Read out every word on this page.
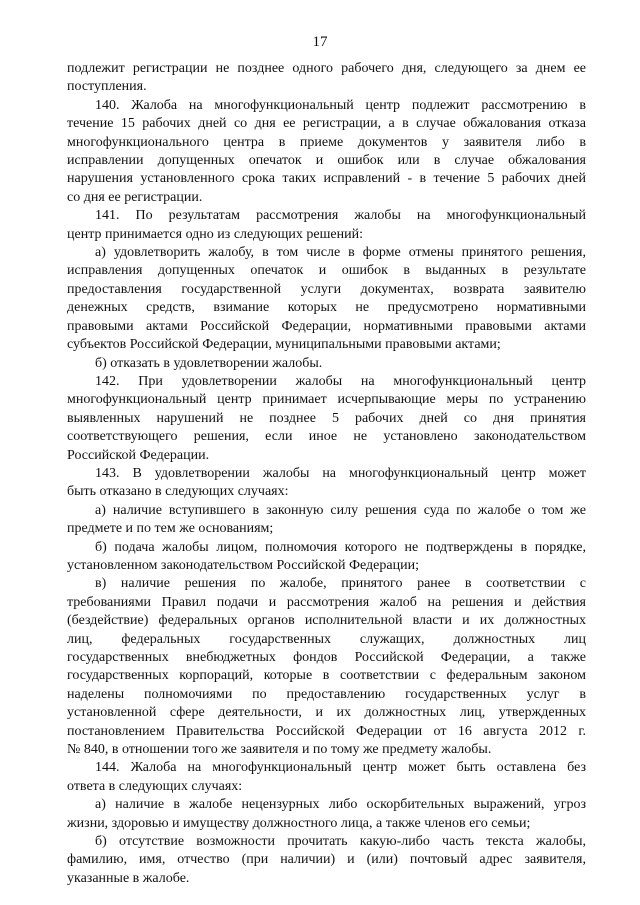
17
подлежит регистрации не позднее одного рабочего дня, следующего за днем ее
поступления.
140. Жалоба на многофункциональный центр подлежит рассмотрению в
течение 15 рабочих дней со дня ее регистрации, а в случае обжалования отказа
многофункционального центра в приеме документов у заявителя либо в
исправлении допущенных опечаток и ошибок или в случае обжалования
нарушения установленного срока таких исправлений - в течение 5 рабочих дней
со дня ее регистрации.
141. По результатам рассмотрения жалобы на многофункциональный
центр принимается одно из следующих решений:
а) удовлетворить жалобу, в том числе в форме отмены принятого решения,
исправления допущенных опечаток и ошибок в выданных в результате
предоставления государственной услуги документах, возврата заявителю
денежных средств, взимание которых не предусмотрено нормативными
правовыми актами Российской Федерации, нормативными правовыми актами
субъектов Российской Федерации, муниципальными правовыми актами;
б) отказать в удовлетворении жалобы.
142. При удовлетворении жалобы на многофункциональный центр
многофункциональный центр принимает исчерпывающие меры по устранению
выявленных нарушений не позднее 5 рабочих дней со дня принятия
соответствующего решения, если иное не установлено законодательством
Российской Федерации.
143. В удовлетворении жалобы на многофункциональный центр может
быть отказано в следующих случаях:
а) наличие вступившего в законную силу решения суда по жалобе о том же
предмете и по тем же основаниям;
б) подача жалобы лицом, полномочия которого не подтверждены в порядке,
установленном законодательством Российской Федерации;
в) наличие решения по жалобе, принятого ранее в соответствии с
требованиями Правил подачи и рассмотрения жалоб на решения и действия
(бездействие) федеральных органов исполнительной власти и их должностных
лиц, федеральных государственных служащих, должностных лиц
государственных внебюджетных фондов Российской Федерации, а также
государственных корпораций, которые в соответствии с федеральным законом
наделены полномочиями по предоставлению государственных услуг в
установленной сфере деятельности, и их должностных лиц, утвержденных
постановлением Правительства Российской Федерации от 16 августа 2012 г.
№ 840, в отношении того же заявителя и по тому же предмету жалобы.
144. Жалоба на многофункциональный центр может быть оставлена без
ответа в следующих случаях:
а) наличие в жалобе нецензурных либо оскорбительных выражений, угроз
жизни, здоровью и имуществу должностного лица, а также членов его семьи;
б) отсутствие возможности прочитать какую-либо часть текста жалобы,
фамилию, имя, отчество (при наличии) и (или) почтовый адрес заявителя,
указанные в жалобе.
